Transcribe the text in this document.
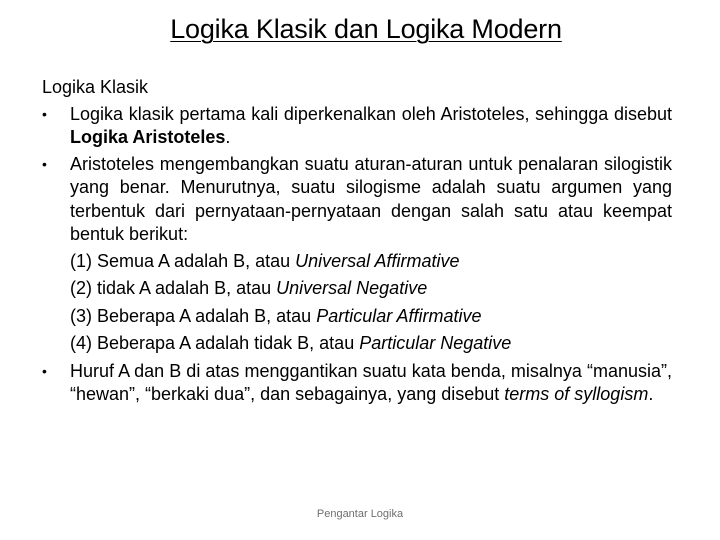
Logika Klasik dan Logika Modern
Logika Klasik
•	Logika klasik pertama kali diperkenalkan oleh Aristoteles, sehingga disebut Logika Aristoteles.

•	Aristoteles mengembangkan suatu aturan-aturan untuk penalaran silogistik yang benar. Menurutnya, suatu silogisme adalah suatu argumen yang terbentuk dari pernyataan-pernyataan dengan salah satu atau keempat bentuk berikut:

(1) Semua A adalah B, atau Universal Affirmative
(2) tidak A adalah B, atau Universal Negative
(3) Beberapa A adalah B, atau Particular Affirmative
(4) Beberapa A adalah tidak B, atau Particular Negative
•	Huruf A dan B di atas menggantikan suatu kata benda, misalnya “manusia”, “hewan”, “berkaki dua”, dan sebagainya, yang disebut terms of syllogism.

Pengantar Logika
